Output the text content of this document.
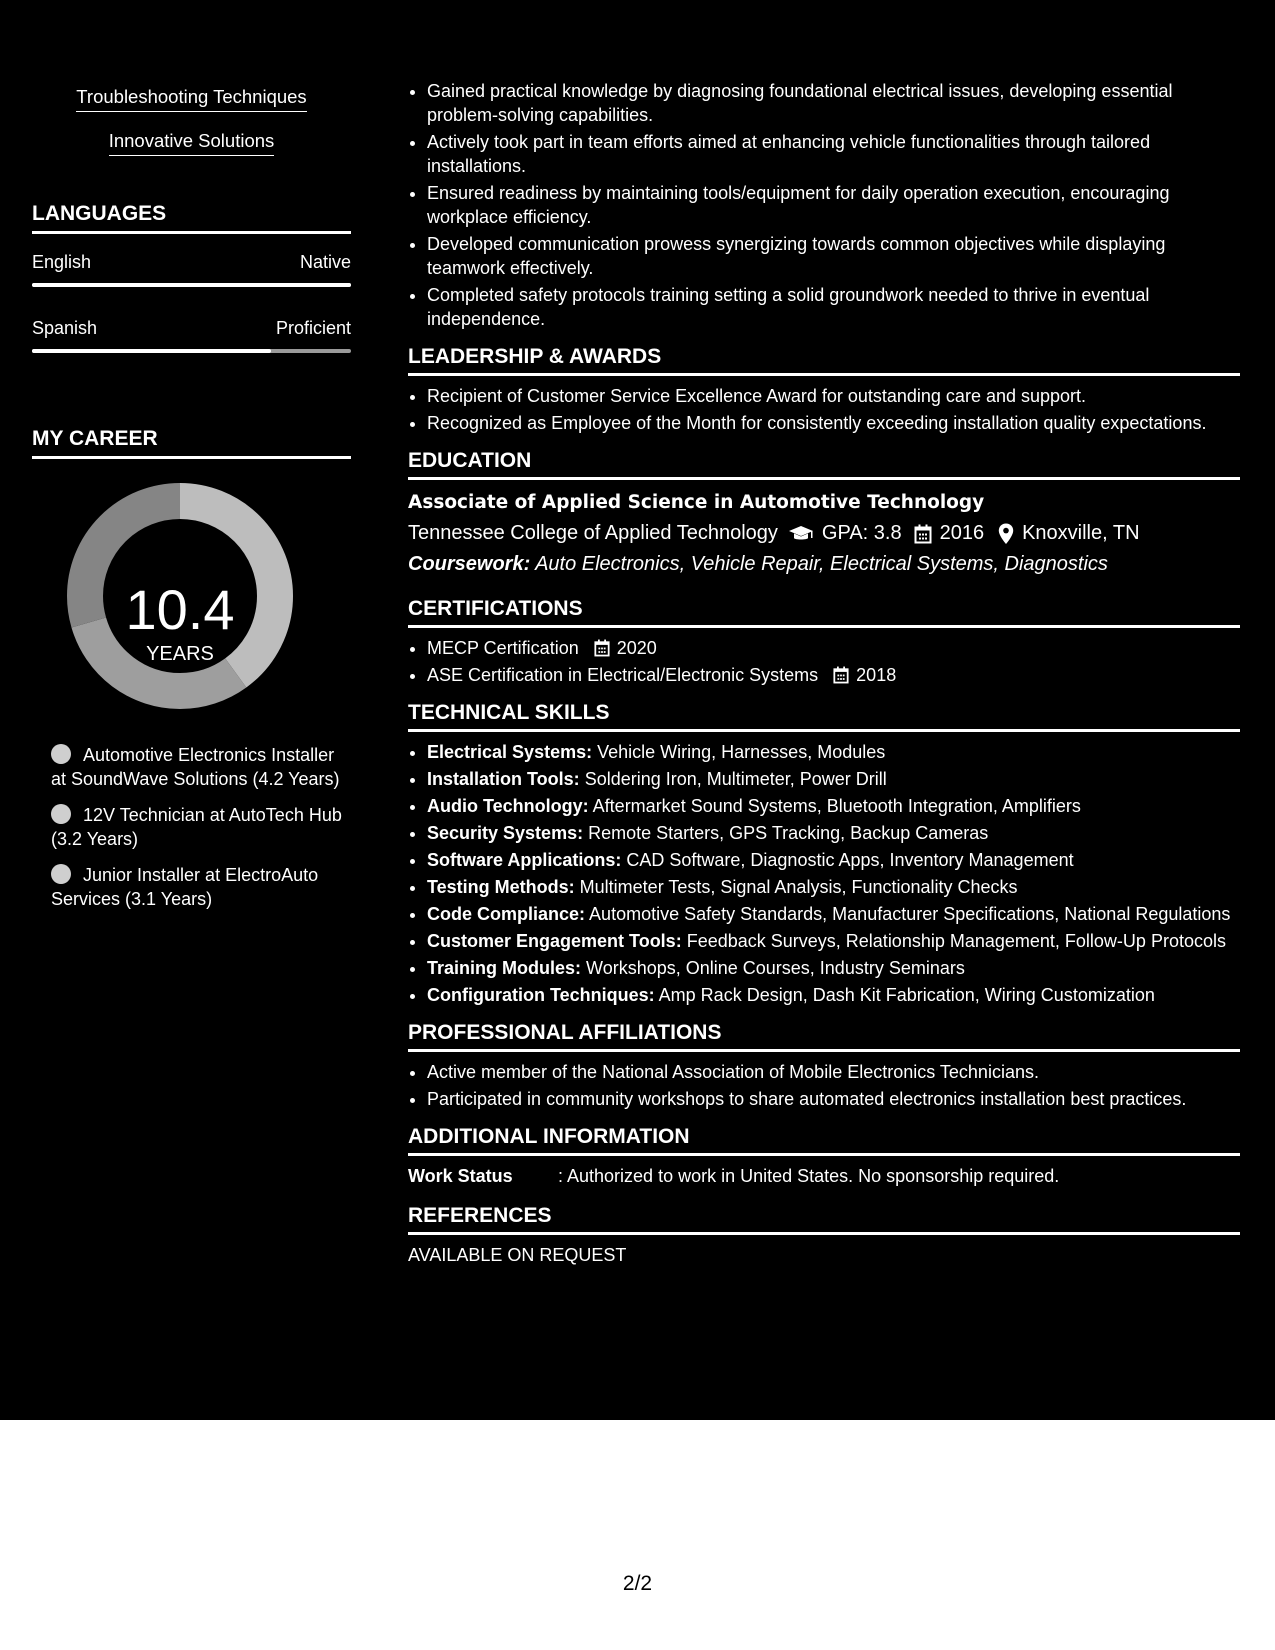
Troubleshooting Techniques
Innovative Solutions
LANGUAGES
English	Native
Spanish	Proficient
MY CAREER
10.4
YEARS
Automotive Electronics Installer at SoundWave Solutions (4.2 Years)
12V Technician at AutoTech Hub (3.2 Years)
Junior Installer at ElectroAuto Services (3.1 Years)
• Gained practical knowledge by diagnosing foundational electrical issues, developing essential problem-solving capabilities.
• Actively took part in team efforts aimed at enhancing vehicle functionalities through tailored installations.
• Ensured readiness by maintaining tools/equipment for daily operation execution, encouraging workplace efficiency.
• Developed communication prowess synergizing towards common objectives while displaying teamwork effectively.
• Completed safety protocols training setting a solid groundwork needed to thrive in eventual independence.
LEADERSHIP & AWARDS
• Recipient of Customer Service Excellence Award for outstanding care and support.
• Recognized as Employee of the Month for consistently exceeding installation quality expectations.
EDUCATION
Associate of Applied Science in Automotive Technology
Tennessee College of Applied Technology GPA: 3.8 2016 Knoxville, TN
Coursework: Auto Electronics, Vehicle Repair, Electrical Systems, Diagnostics
CERTIFICATIONS
• MECP Certification 2020
• ASE Certification in Electrical/Electronic Systems 2018
TECHNICAL SKILLS
• Electrical Systems: Vehicle Wiring, Harnesses, Modules
• Installation Tools: Soldering Iron, Multimeter, Power Drill
• Audio Technology: Aftermarket Sound Systems, Bluetooth Integration, Amplifiers
• Security Systems: Remote Starters, GPS Tracking, Backup Cameras
• Software Applications: CAD Software, Diagnostic Apps, Inventory Management
• Testing Methods: Multimeter Tests, Signal Analysis, Functionality Checks
• Code Compliance: Automotive Safety Standards, Manufacturer Specifications, National Regulations
• Customer Engagement Tools: Feedback Surveys, Relationship Management, Follow-Up Protocols
• Training Modules: Workshops, Online Courses, Industry Seminars
• Configuration Techniques: Amp Rack Design, Dash Kit Fabrication, Wiring Customization
PROFESSIONAL AFFILIATIONS
• Active member of the National Association of Mobile Electronics Technicians.
• Participated in community workshops to share automated electronics installation best practices.
ADDITIONAL INFORMATION
Work Status	: Authorized to work in United States. No sponsorship required.
REFERENCES
AVAILABLE ON REQUEST
2/2
